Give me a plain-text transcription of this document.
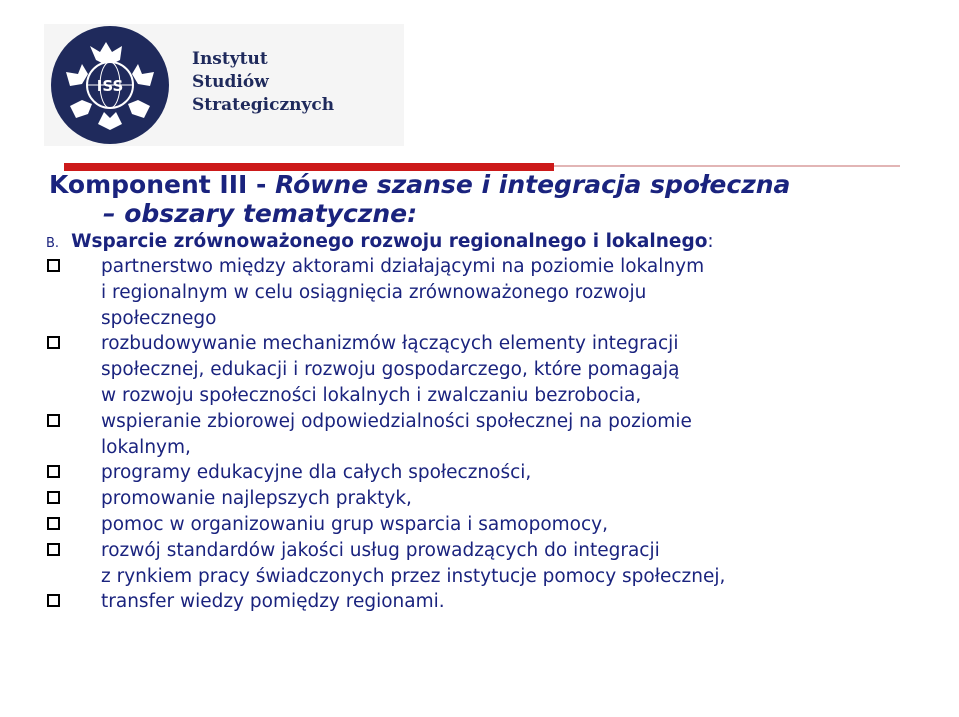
ISS
Instytut
Studiów
Strategicznych
Komponent III - Równe szanse i integracja społeczna
– obszary tematyczne:
B. Wsparcie zrównoważonego rozwoju regionalnego i lokalnego:
partnerstwo między aktorami działającymi na poziomie lokalnym
i regionalnym w celu osiągnięcia zrównoważonego rozwoju
społecznego
rozbudowywanie mechanizmów łączących elementy integracji
społecznej, edukacji i rozwoju gospodarczego, które pomagają
w rozwoju społeczności lokalnych i zwalczaniu bezrobocia,
wspieranie zbiorowej odpowiedzialności społecznej na poziomie
lokalnym,
programy edukacyjne dla całych społeczności,
promowanie najlepszych praktyk,
pomoc w organizowaniu grup wsparcia i samopomocy,
rozwój standardów jakości usług prowadzących do integracji
z rynkiem pracy świadczonych przez instytucje pomocy społecznej,
transfer wiedzy pomiędzy regionami.
